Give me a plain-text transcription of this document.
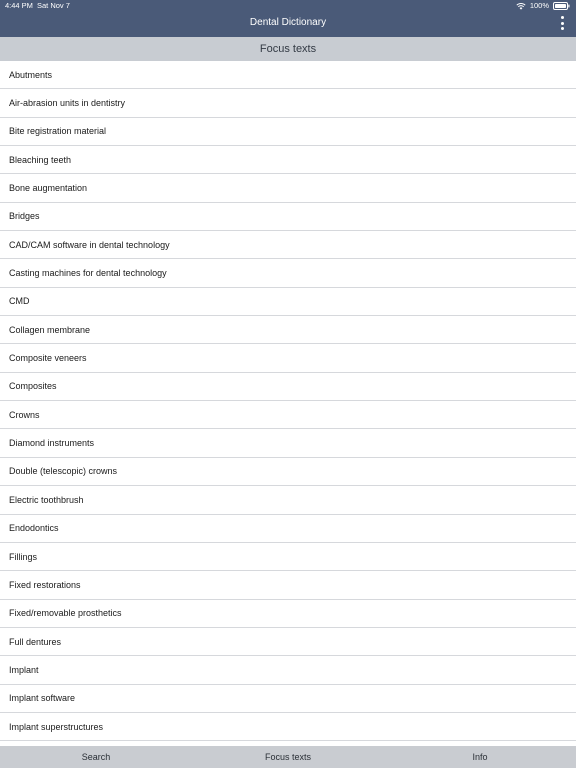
4:44 PM Sat Nov 7	100%
Dental Dictionary
Focus texts
Abutments
Air-abrasion units in dentistry
Bite registration material
Bleaching teeth
Bone augmentation
Bridges
CAD/CAM software in dental technology
Casting machines for dental technology
CMD
Collagen membrane
Composite veneers
Composites
Crowns
Diamond instruments
Double (telescopic) crowns
Electric toothbrush
Endodontics
Fillings
Fixed restorations
Fixed/removable prosthetics
Full dentures
Implant
Implant software
Implant superstructures
Search	Focus texts	Info
